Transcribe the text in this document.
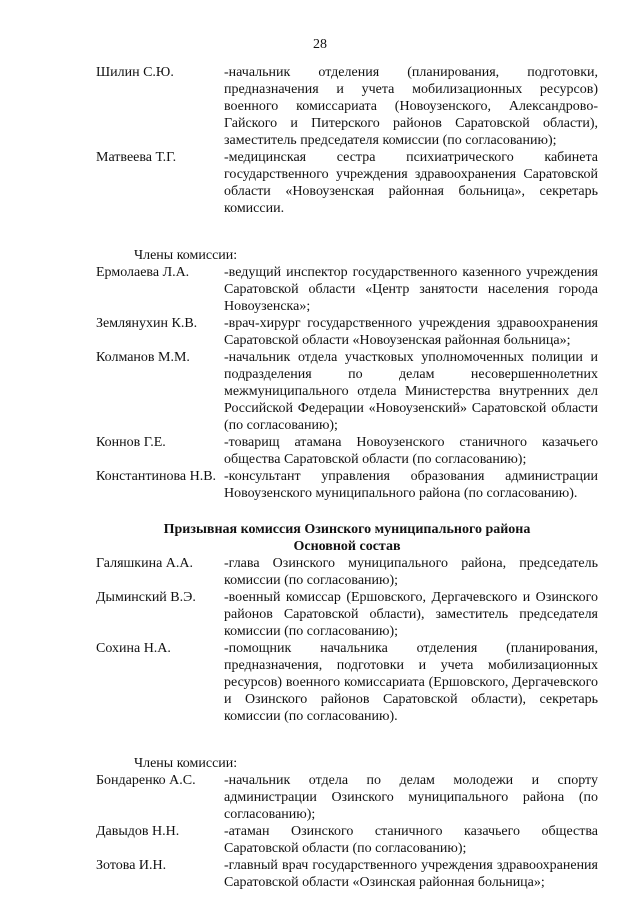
28
Шилин С.Ю.	-начальник отделения (планирования, подготовки, предназначения и учета мобилизационных ресурсов) военного комиссариата (Новоузенского, Александрово-Гайского и Питерского районов Саратовской области), заместитель председателя комиссии (по согласованию);
Матвеева Т.Г.	-медицинская сестра психиатрического кабинета государственного учреждения здравоохранения Саратовской области «Новоузенская районная больница», секретарь комиссии.
Члены комиссии:
Ермолаева Л.А.	-ведущий инспектор государственного казенного учреждения Саратовской области «Центр занятости населения города Новоузенска»;
Землянухин К.В.	-врач-хирург государственного учреждения здравоохранения Саратовской области «Новоузенская районная больница»;
Колманов М.М.	-начальник отдела участковых уполномоченных полиции и подразделения по делам несовершеннолетних межмуниципального отдела Министерства внутренних дел Российской Федерации «Новоузенский» Саратовской области (по согласованию);
Коннов Г.Е.	-товарищ атамана Новоузенского станичного казачьего общества Саратовской области (по согласованию);
Константинова Н.В. -консультант управления образования администрации Новоузенского муниципального района (по согласованию).
Призывная комиссия Озинского муниципального района
Основной состав
Галяшкина А.А.	-глава Озинского муниципального района, председатель комиссии (по согласованию);
Дыминский В.Э.	-военный комиссар (Ершовского, Дергачевского и Озинского районов Саратовской области), заместитель председателя комиссии (по согласованию);
Сохина Н.А.	-помощник начальника отделения (планирования, предназначения, подготовки и учета мобилизационных ресурсов) военного комиссариата (Ершовского, Дергачевского и Озинского районов Саратовской области), секретарь комиссии (по согласованию).
Члены комиссии:
Бондаренко А.С.	-начальник отдела по делам молодежи и спорту администрации Озинского муниципального района (по согласованию);
Давыдов Н.Н.	-атаман Озинского станичного казачьего общества Саратовской области (по согласованию);
Зотова И.Н.	-главный врач государственного учреждения здравоохранения Саратовской области «Озинская районная больница»;
